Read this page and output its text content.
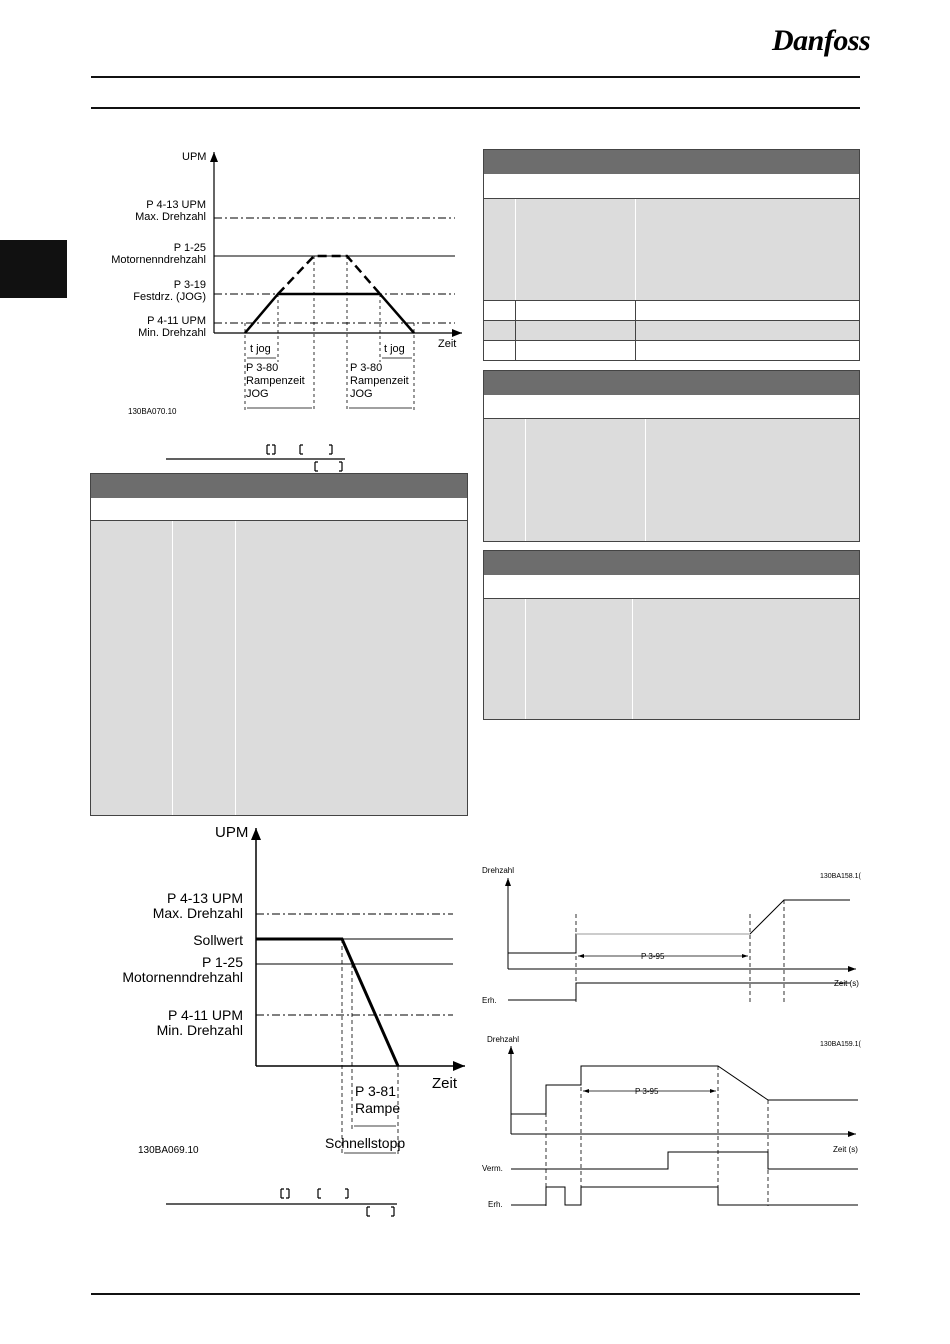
Danfoss
UPM
Zeit
P 4-13 UPM
Max. Drehzahl
P 1-25
Motornenndrehzahl
P 3-19
Festdrz. (JOG)
P 4-11 UPM
Min. Drehzahl
t jog	t jog
P 3-80
Rampenzeit
JOG
P 3-80
Rampenzeit
JOG
130BA070.10
UPM
Zeit
P 4-13 UPM
Max. Drehzahl
Sollwert
P 1-25
Motornenndrehzahl
P 4-11 UPM
Min. Drehzahl
P 3-81
Rampe
Schnellstopp
130BA069.10
Drehzahl
Zeit (s)
Erh.
P 3-95
130BA158.1(
Drehzahl
Zeit (s)
Verm.
Erh.
P 3-95
130BA159.1(
